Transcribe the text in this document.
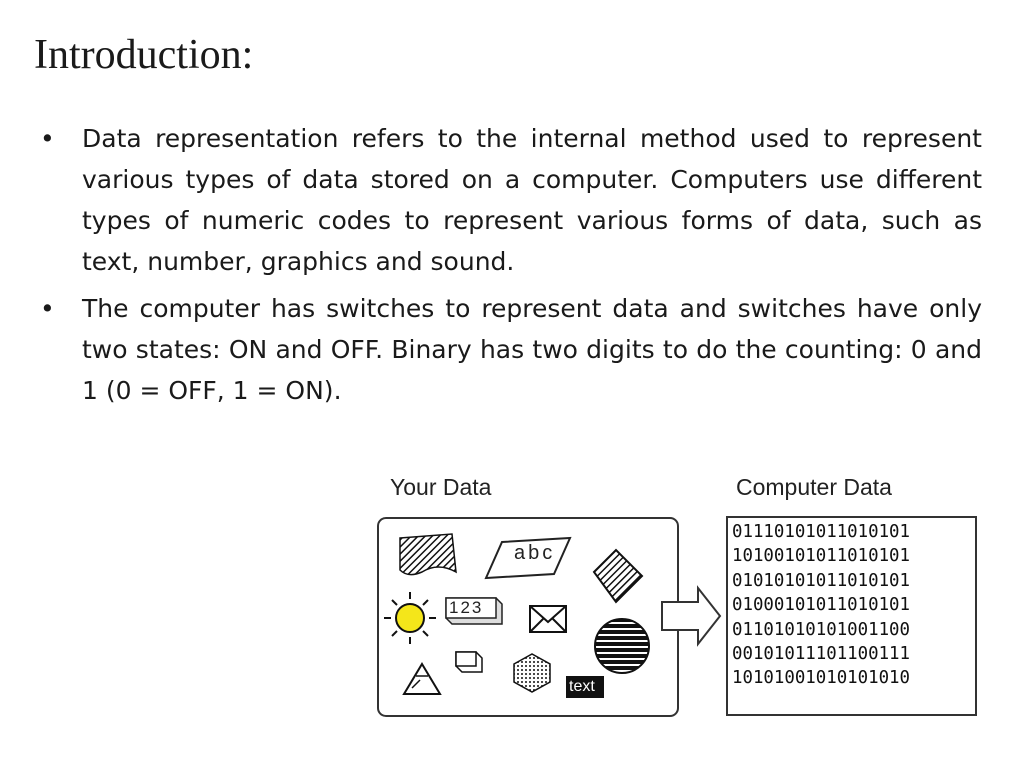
Introduction:
• Data representation refers to the internal method used to represent various types of data stored on a computer. Computers use different types of numeric codes to represent various forms of data, such as text, number, graphics and sound.
• The computer has switches to represent data and switches have only two states: ON and OFF. Binary has two digits to do the counting: 0 and 1 (0 = OFF, 1 = ON).
Your Data	Computer Data
abc
123
text
0111010101101010​1
10100101011010101
01010101011010101
01000101011010101
01101010101001100
00101011101100111
10101001010101010
